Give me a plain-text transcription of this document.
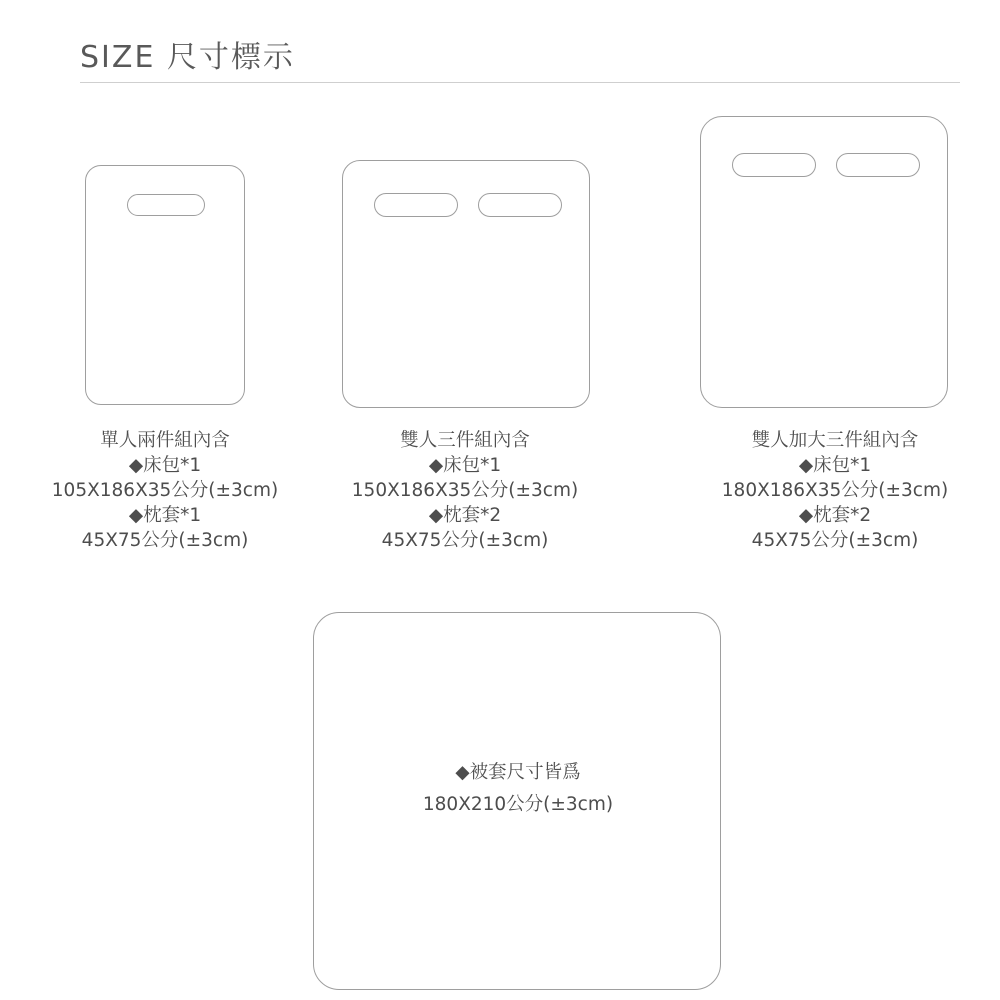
SIZE 尺寸標示
單人兩件組內含
◆床包*1
105X186X35公分(±3cm)
◆枕套*1
45X75公分(±3cm)
雙人三件組內含
◆床包*1
150X186X35公分(±3cm)
◆枕套*2
45X75公分(±3cm)
雙人加大三件組內含
◆床包*1
180X186X35公分(±3cm)
◆枕套*2
45X75公分(±3cm)
◆被套尺寸皆爲
180X210公分(±3cm)
